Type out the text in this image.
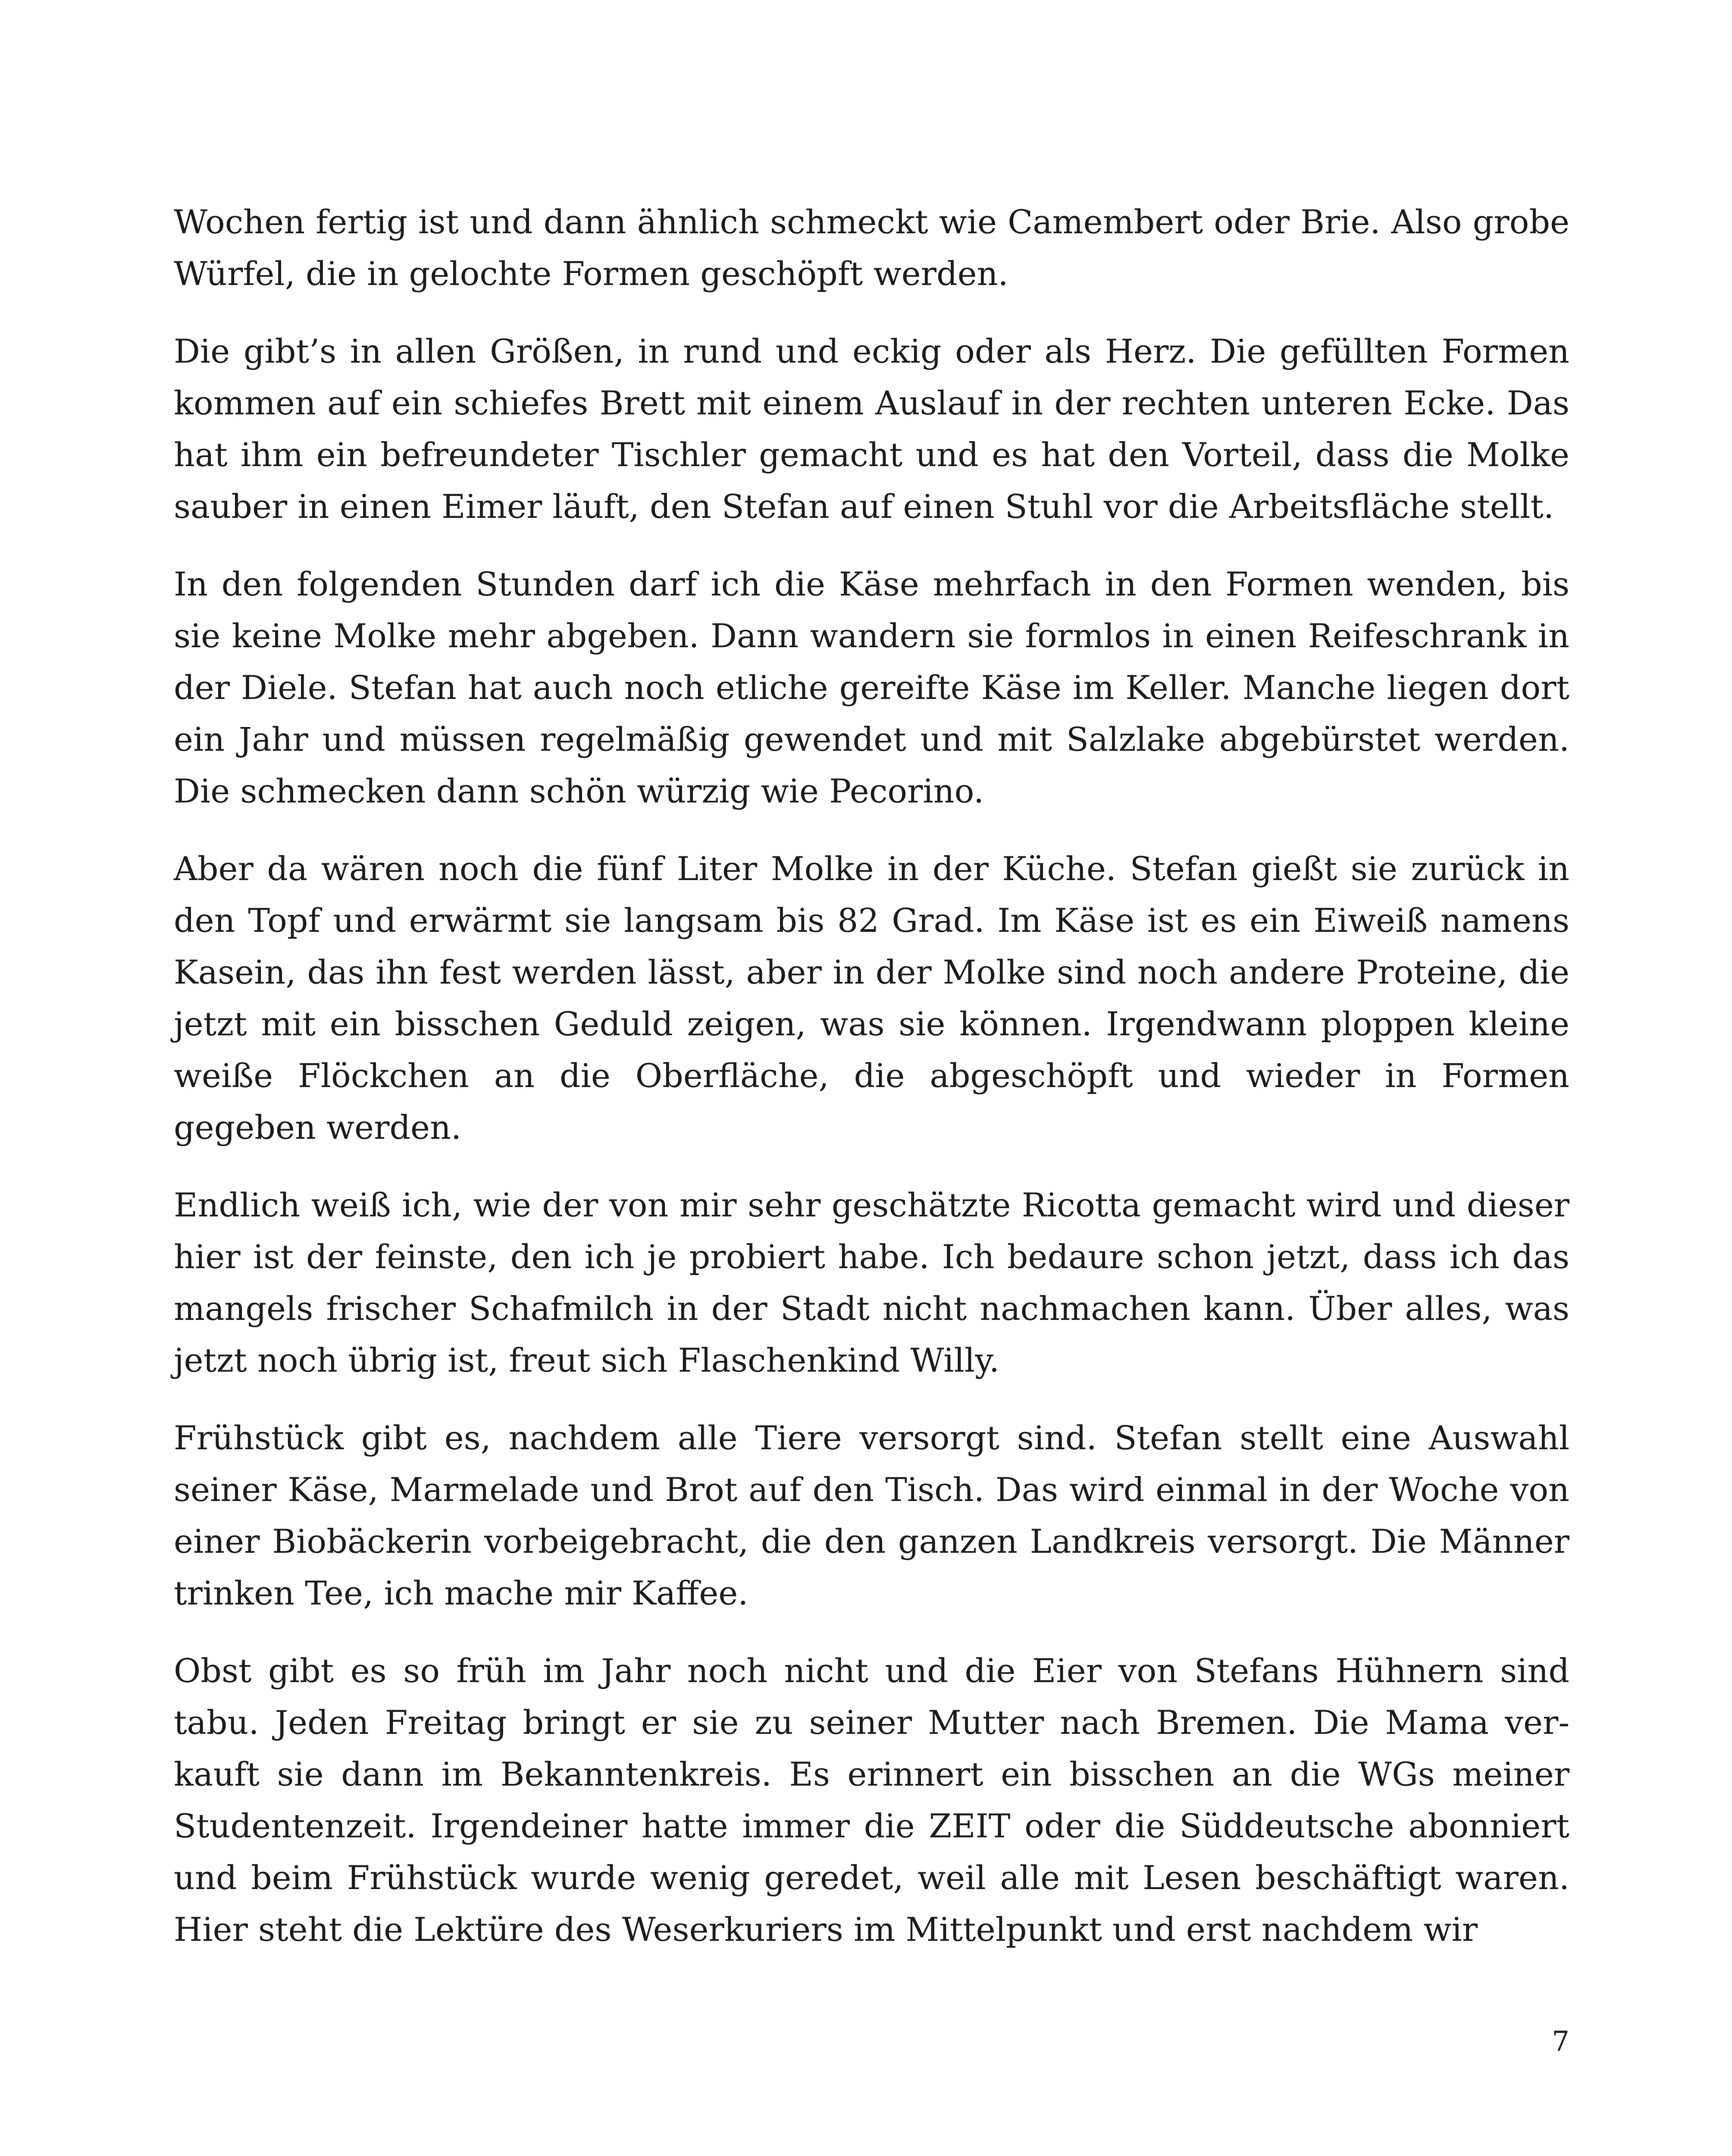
Wochen fertig ist und dann ähnlich schmeckt wie Camembert oder Brie. Also grobe Würfel, die in gelochte Formen geschöpft werden.

Die gibt’s in allen Größen, in rund und eckig oder als Herz. Die gefüllten Formen kommen auf ein schiefes Brett mit einem Auslauf in der rechten unteren Ecke. Das hat ihm ein befreundeter Tischler gemacht und es hat den Vorteil, dass die Molke sauber in einen Eimer läuft, den Stefan auf einen Stuhl vor die Arbeitsfläche stellt.

In den folgenden Stunden darf ich die Käse mehrfach in den Formen wenden, bis sie keine Molke mehr abgeben. Dann wandern sie formlos in einen Reifeschrank in der Diele. Stefan hat auch noch etliche gereifte Käse im Keller. Manche liegen dort ein Jahr und müssen regelmäßig gewendet und mit Salzlake abgebürstet werden. Die schmecken dann schön würzig wie Pecorino.

Aber da wären noch die fünf Liter Molke in der Küche. Stefan gießt sie zurück in den Topf und erwärmt sie langsam bis 82 Grad. Im Käse ist es ein Eiweiß namens Kasein, das ihn fest werden lässt, aber in der Molke sind noch andere Proteine, die jetzt mit ein bisschen Geduld zeigen, was sie können. Irgendwann ploppen kleine weiße Flöckchen an die Oberfläche, die abgeschöpft und wieder in Formen gegeben werden.

Endlich weiß ich, wie der von mir sehr geschätzte Ricotta gemacht wird und dieser hier ist der feinste, den ich je probiert habe. Ich bedaure schon jetzt, dass ich das mangels frischer Schafmilch in der Stadt nicht nachmachen kann. Über alles, was jetzt noch übrig ist, freut sich Flaschenkind Willy.

Frühstück gibt es, nachdem alle Tiere versorgt sind. Stefan stellt eine Auswahl seiner Käse, Marmelade und Brot auf den Tisch. Das wird einmal in der Woche von einer Biobäckerin vorbeigebracht, die den ganzen Landkreis versorgt. Die Männer trinken Tee, ich mache mir Kaffee.

Obst gibt es so früh im Jahr noch nicht und die Eier von Stefans Hühnern sind tabu. Jeden Freitag bringt er sie zu seiner Mutter nach Bremen. Die Mama verkauft sie dann im Bekanntenkreis. Es erinnert ein bisschen an die WGs meiner Studentenzeit. Irgendeiner hatte immer die ZEIT oder die Süddeutsche abonniert und beim Frühstück wurde wenig geredet, weil alle mit Lesen beschäftigt waren. Hier steht die Lektüre des Weserkuriers im Mittelpunkt und erst nachdem wir

7
